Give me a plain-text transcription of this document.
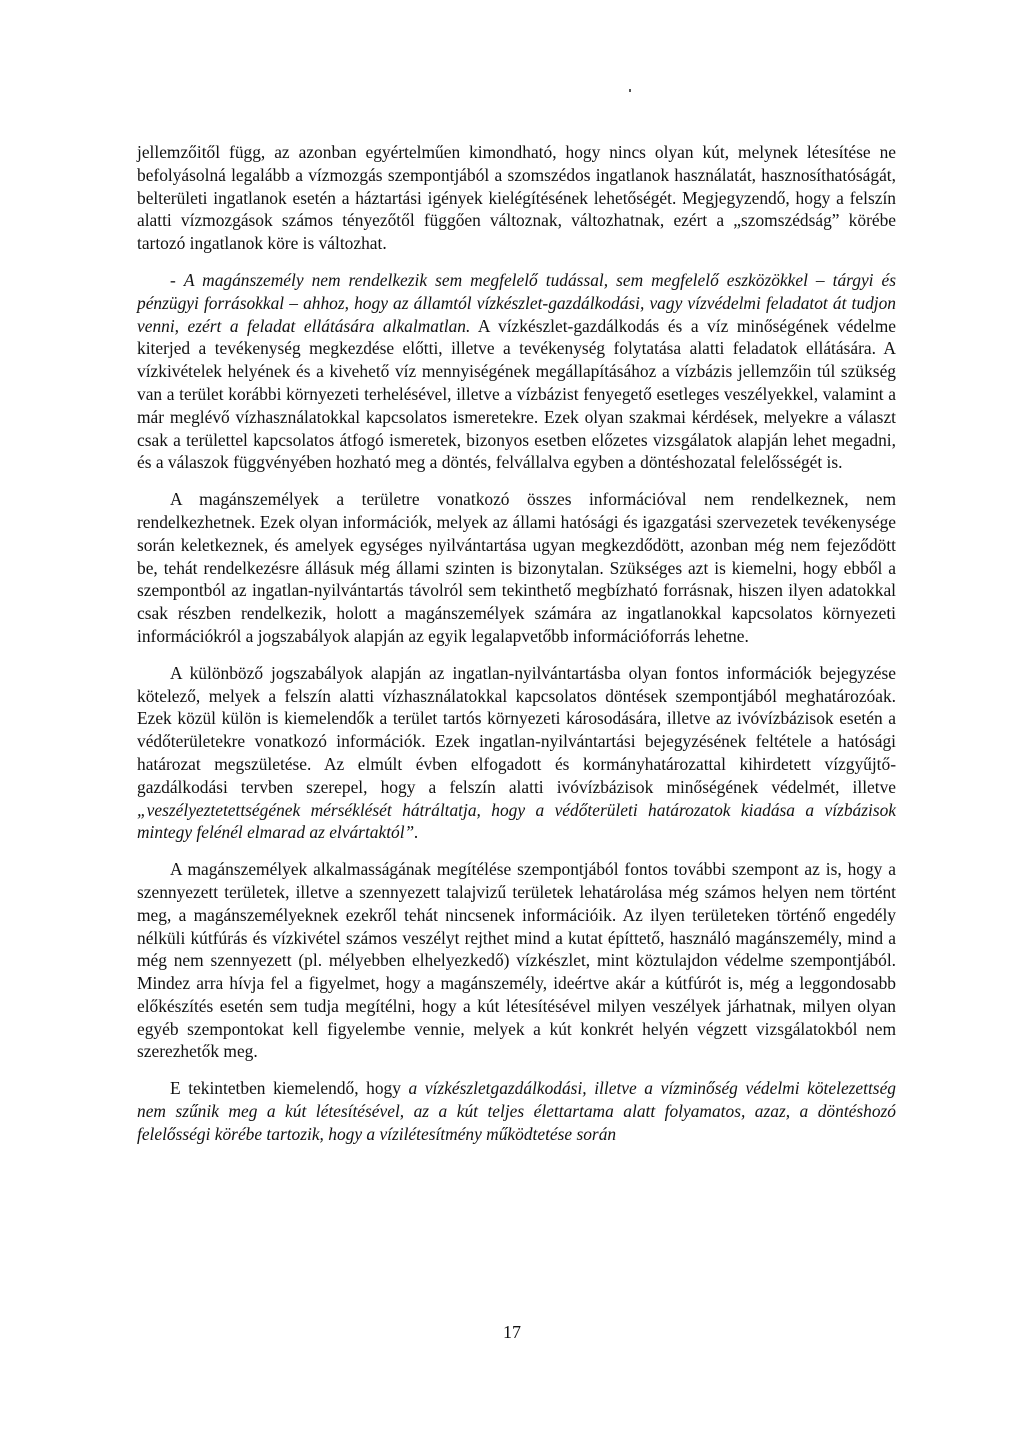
jellemzőitől függ, az azonban egyértelműen kimondható, hogy nincs olyan kút, melynek létesítése ne befolyásolná legalább a vízmozgás szempontjából a szomszédos ingatlanok használatát, hasznosíthatóságát, belterületi ingatlanok esetén a háztartási igények kielégítésének lehetőségét. Megjegyzendő, hogy a felszín alatti vízmozgások számos tényezőtől függően változnak, változhatnak, ezért a „szomszédság” körébe tartozó ingatlanok köre is változhat.

- A magánszemély nem rendelkezik sem megfelelő tudással, sem megfelelő eszközökkel – tárgyi és pénzügyi forrásokkal – ahhoz, hogy az államtól vízkészlet-gazdálkodási, vagy vízvédelmi feladatot át tudjon venni, ezért a feladat ellátására alkalmatlan. A vízkészlet-gazdálkodás és a víz minőségének védelme kiterjed a tevékenység megkezdése előtti, illetve a tevékenység folytatása alatti feladatok ellátására. A vízkivételek helyének és a kivehető víz mennyiségének megállapításához a vízbázis jellemzőin túl szükség van a terület korábbi környezeti terhelésével, illetve a vízbázist fenyegető esetleges veszélyekkel, valamint a már meglévő vízhasználatokkal kapcsolatos ismeretekre. Ezek olyan szakmai kérdések, melyekre a választ csak a területtel kapcsolatos átfogó ismeretek, bizonyos esetben előzetes vizsgálatok alapján lehet megadni, és a válaszok függvényében hozható meg a döntés, felvállalva egyben a döntéshozatal felelősségét is.

A magánszemélyek a területre vonatkozó összes információval nem rendelkeznek, nem rendelkezhetnek. Ezek olyan információk, melyek az állami hatósági és igazgatási szervezetek tevékenysége során keletkeznek, és amelyek egységes nyilvántartása ugyan megkezdődött, azonban még nem fejeződött be, tehát rendelkezésre állásuk még állami szinten is bizonytalan. Szükséges azt is kiemelni, hogy ebből a szempontból az ingatlan-nyilvántartás távolról sem tekinthető megbízható forrásnak, hiszen ilyen adatokkal csak részben rendelkezik, holott a magánszemélyek számára az ingatlanokkal kapcsolatos környezeti információkról a jogszabályok alapján az egyik legalapvetőbb információforrás lehetne.

A különböző jogszabályok alapján az ingatlan-nyilvántartásba olyan fontos információk bejegyzése kötelező, melyek a felszín alatti vízhasználatokkal kapcsolatos döntések szempontjából meghatározóak. Ezek közül külön is kiemelendők a terület tartós környezeti károsodására, illetve az ivóvízbázisok esetén a védőterületekre vonatkozó információk. Ezek ingatlan-nyilvántartási bejegyzésének feltétele a hatósági határozat megszületése. Az elmúlt évben elfogadott és kormányhatározattal kihirdetett vízgyűjtő-gazdálkodási tervben szerepel, hogy a felszín alatti ivóvízbázisok minőségének védelmét, illetve „veszélyeztetettségének mérséklését hátráltatja, hogy a védőterületi határozatok kiadása a vízbázisok mintegy felénél elmarad az elvártaktól”.

A magánszemélyek alkalmasságának megítélése szempontjából fontos további szempont az is, hogy a szennyezett területek, illetve a szennyezett talajvizű területek lehatárolása még számos helyen nem történt meg, a magánszemélyeknek ezekről tehát nincsenek információik. Az ilyen területeken történő engedély nélküli kútfúrás és vízkivétel számos veszélyt rejthet mind a kutat építtető, használó magánszemély, mind a még nem szennyezett (pl. mélyebben elhelyezkedő) vízkészlet, mint köztulajdon védelme szempontjából. Mindez arra hívja fel a figyelmet, hogy a magánszemély, ideértve akár a kútfúrót is, még a leggondosabb előkészítés esetén sem tudja megítélni, hogy a kút létesítésével milyen veszélyek járhatnak, milyen olyan egyéb szempontokat kell figyelembe vennie, melyek a kút konkrét helyén végzett vizsgálatokból nem szerezhetők meg.

E tekintetben kiemelendő, hogy a vízkészletgazdálkodási, illetve a vízminőség védelmi kötelezettség nem szűnik meg a kút létesítésével, az a kút teljes élettartama alatt folyamatos, azaz, a döntéshozó felelősségi körébe tartozik, hogy a vízilétesítmény működtetése során

17
